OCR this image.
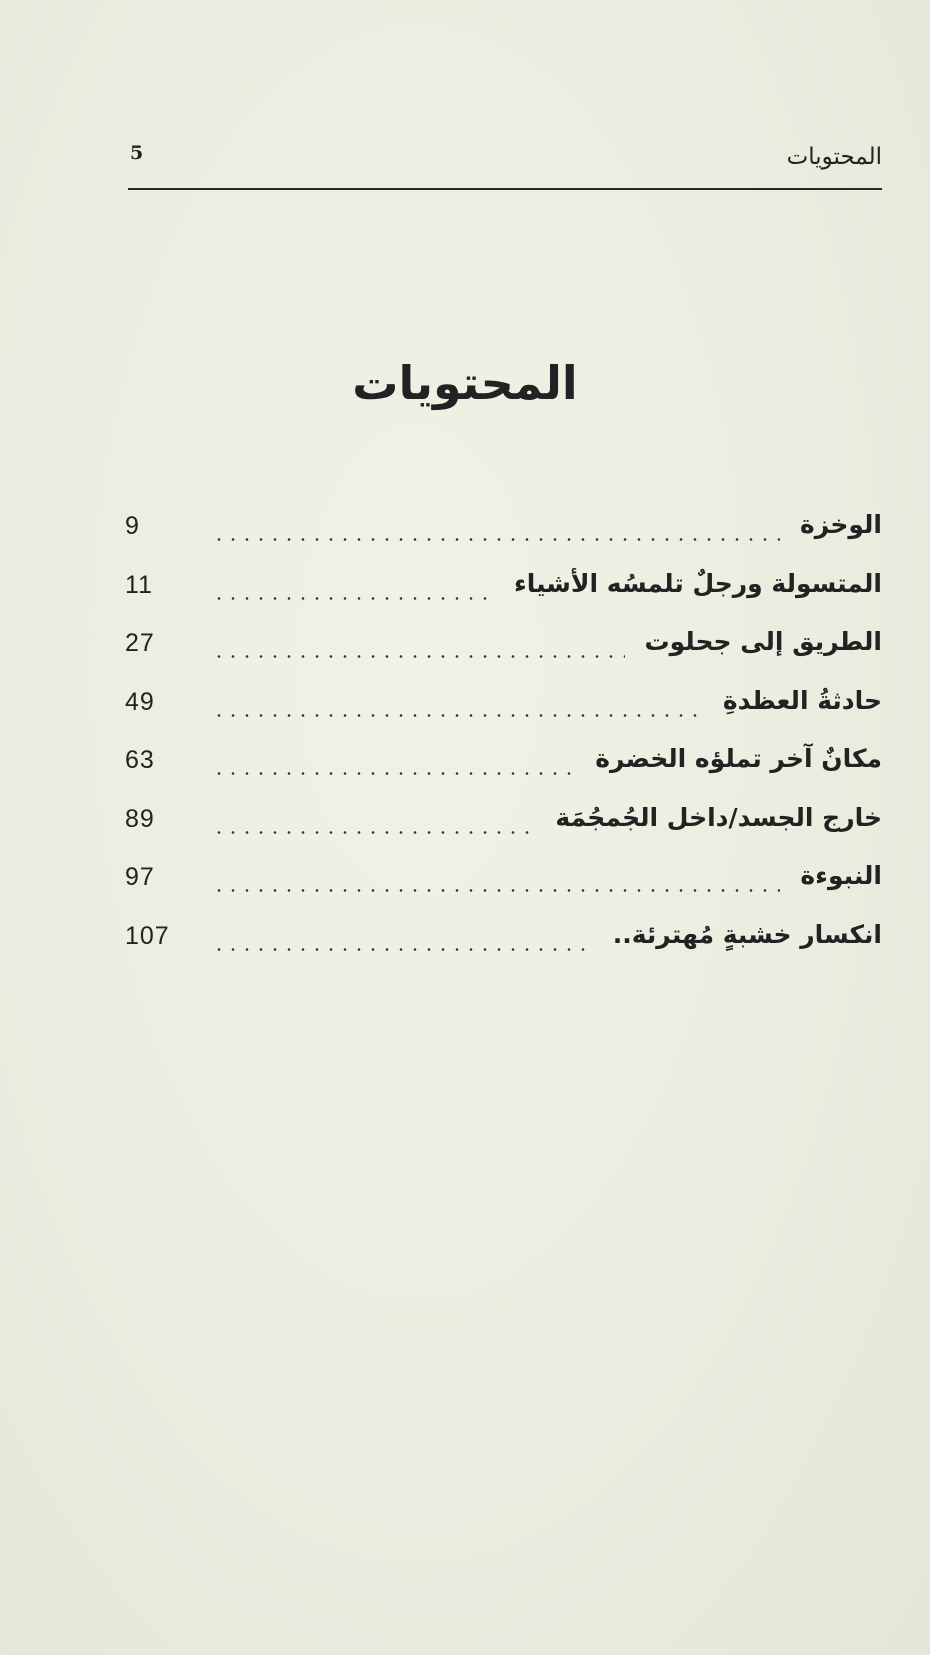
5	المحتويات
المحتويات
9	الوخزة
11	المتسولة ورجلٌ تلمسُه الأشياء
27	الطريق إلى جحلوت
49	حادثةُ العظدةِ
63	مكانٌ آخر تملؤه الخضرة
89	خارج الجسد/داخل الجُمجُمَة
97	النبوءة
107	انكسار خشبةٍ مُهترئة..
